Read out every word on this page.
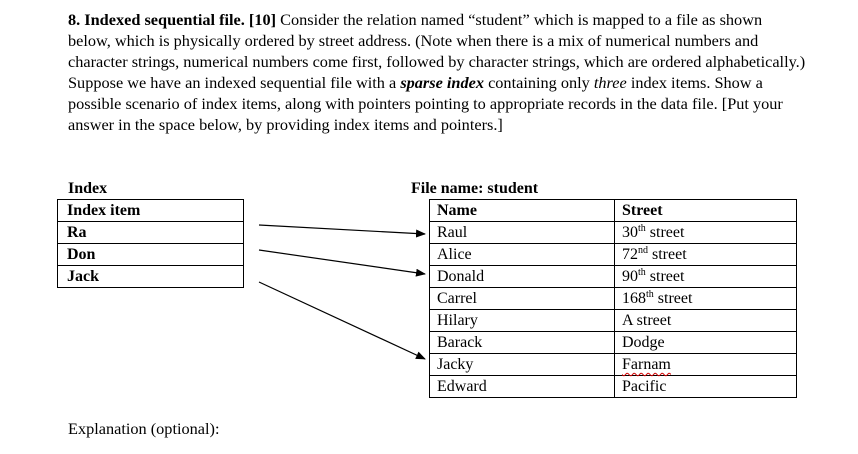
8. Indexed sequential file. [10] Consider the relation named “student” which is mapped to a file as shown below, which is physically ordered by street address. (Note when there is a mix of numerical numbers and character strings, numerical numbers come first, followed by character strings, which are ordered alphabetically.) Suppose we have an indexed sequential file with a sparse index containing only three index items. Show a possible scenario of index items, along with pointers pointing to appropriate records in the data file. [Put your answer in the space below, by providing index items and pointers.]

Index	File name: student
Index item
Ra
Don
Jack
Name	Street
Raul	30th street
Alice	72nd street
Donald	90th street
Carrel	168th street
Hilary	A street
Barack	Dodge
Jacky	Farnam
Edward	Pacific
Explanation (optional):
